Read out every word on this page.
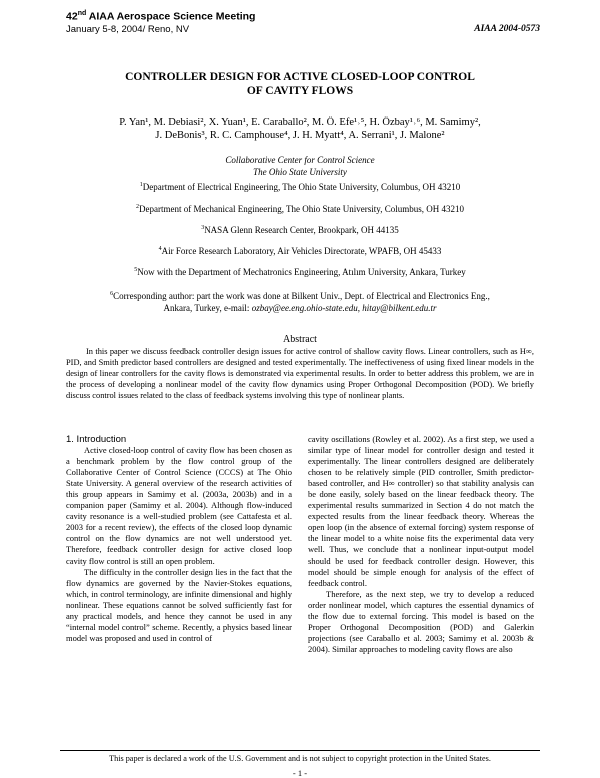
42nd AIAA Aerospace Science Meeting
January 5-8, 2004/ Reno, NV	AIAA 2004-0573
CONTROLLER DESIGN FOR ACTIVE CLOSED-LOOP CONTROL
OF CAVITY FLOWS
P. Yan¹, M. Debiasi², X. Yuan¹, E. Caraballo², M. Ö. Efe¹˒⁵, H. Özbay¹˒⁶, M. Samimy²,
J. DeBonis³, R. C. Camphouse⁴, J. H. Myatt⁴, A. Serrani¹, J. Malone²
Collaborative Center for Control Science
The Ohio State University
$^1$Department of Electrical Engineering, The Ohio State University, Columbus, OH 43210
$^2$Department of Mechanical Engineering, The Ohio State University, Columbus, OH 43210
$^3$NASA Glenn Research Center, Brookpark, OH 44135
$^4$Air Force Research Laboratory, Air Vehicles Directorate, WPAFB, OH 45433
$^5$Now with the Department of Mechatronics Engineering, Atılım University, Ankara, Turkey
$^6$Corresponding author: part the work was done at Bilkent Univ., Dept. of Electrical and Electronics Eng.,
Ankara, Turkey, e-mail: ozbay@ee.eng.ohio-state.edu, hitay@bilkent.edu.tr
Abstract
In this paper we discuss feedback controller design issues for active control of shallow cavity flows. Linear controllers, such as H∞, PID, and Smith predictor based controllers are designed and tested experimentally. The ineffectiveness of using fixed linear models in the design of linear controllers for the cavity flows is demonstrated via experimental results. In order to better address this problem, we are in the process of developing a nonlinear model of the cavity flow dynamics using Proper Orthogonal Decomposition (POD). We briefly discuss control issues related to the class of feedback systems involving this type of nonlinear plants.

1. Introduction

Active closed-loop control of cavity flow has been chosen as a benchmark problem by the flow control group of the Collaborative Center of Control Science (CCCS) at The Ohio State University. A general overview of the research activities of this group appears in Samimy et al. (2003a, 2003b) and in a companion paper (Samimy et al. 2004). Although flow-induced cavity resonance is a well-studied problem (see Cattafesta et al. 2003 for a recent review), the effects of the closed loop dynamic control on the flow dynamics are not well understood yet. Therefore, feedback controller design for active closed loop cavity flow control is still an open problem.

The difficulty in the controller design lies in the fact that the flow dynamics are governed by the Navier-Stokes equations, which, in control terminology, are infinite dimensional and highly nonlinear. These equations cannot be solved sufficiently fast for any practical models, and hence they cannot be used in any “internal model control” scheme. Recently, a physics based linear model was proposed and used in control of

cavity oscillations (Rowley et al. 2002). As a first step, we used a similar type of linear model for controller design and tested it experimentally. The linear controllers designed are deliberately chosen to be relatively simple (PID controller, Smith predictor-based controller, and H∞ controller) so that stability analysis can be done easily, solely based on the linear feedback theory. The experimental results summarized in Section 4 do not match the expected results from the linear feedback theory. Whereas the open loop (in the absence of external forcing) system response of the linear model to a white noise fits the experimental data very well. Thus, we conclude that a nonlinear input-output model should be used for feedback controller design. However, this model should be simple enough for analysis of the effect of feedback control.

Therefore, as the next step, we try to develop a reduced order nonlinear model, which captures the essential dynamics of the flow due to external forcing. This model is based on the Proper Orthogonal Decomposition (POD) and Galerkin projections (see Caraballo et al. 2003; Samimy et al. 2003b & 2004). Similar approaches to modeling cavity flows are also

This paper is declared a work of the U.S. Government and is not subject to copyright protection in the United States.
- 1 -
